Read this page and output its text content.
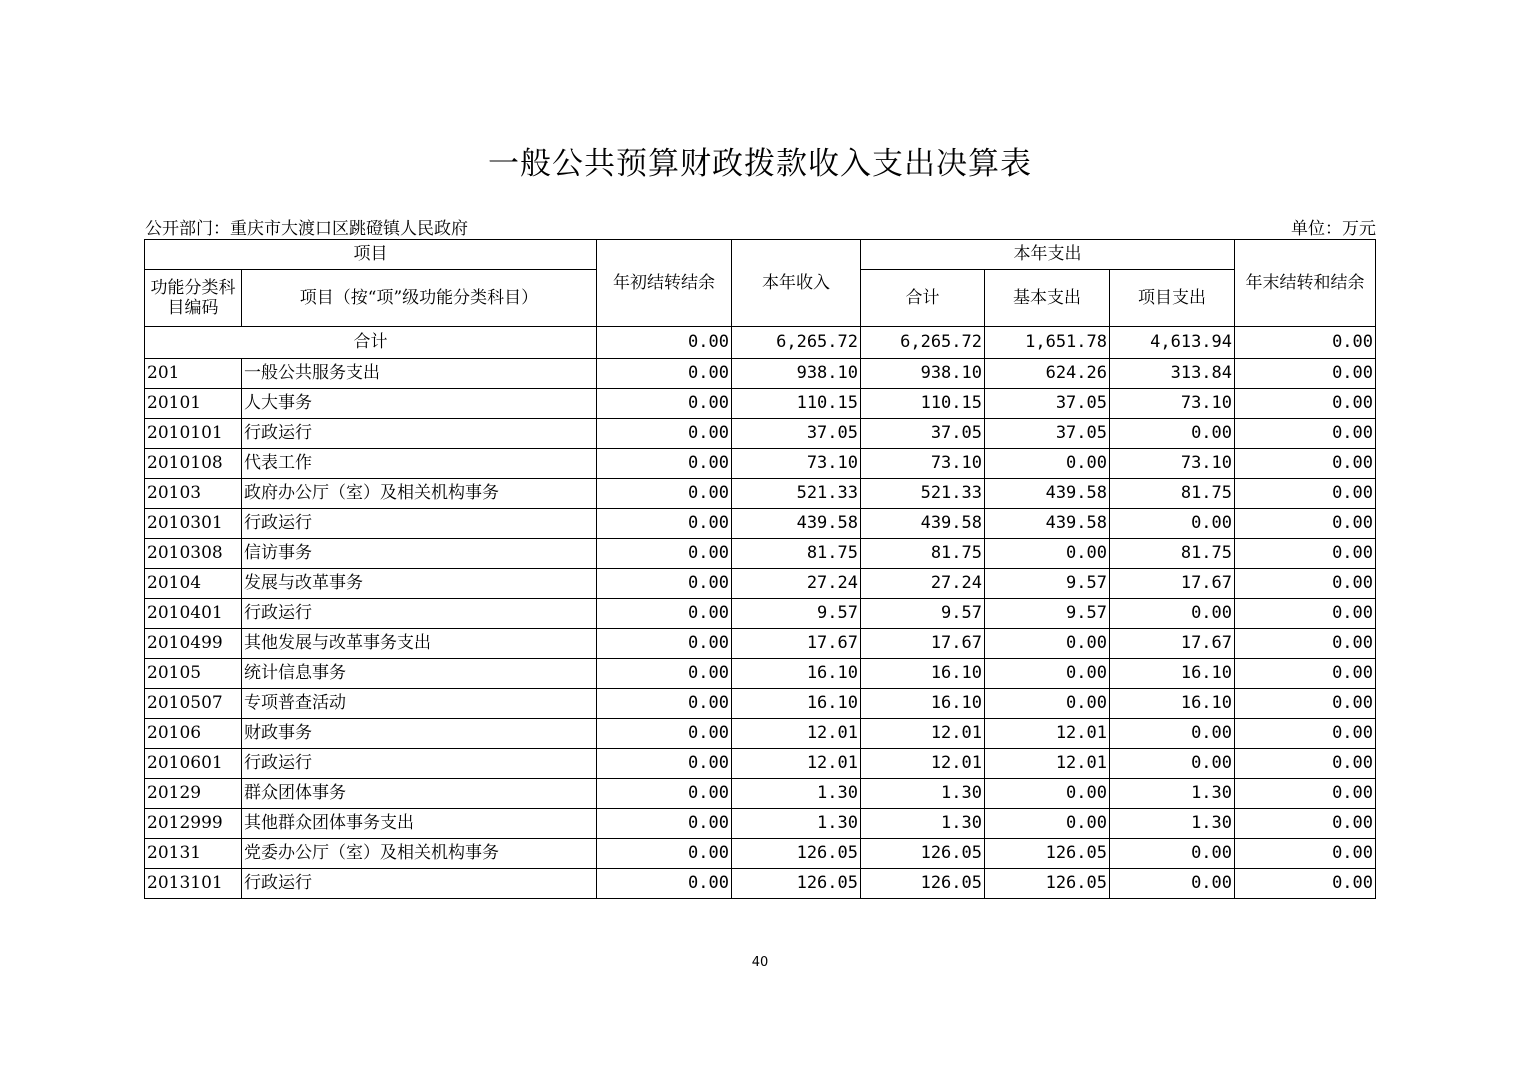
一般公共预算财政拨款收入支出决算表
公开部门：重庆市大渡口区跳磴镇人民政府	单位：万元
项目		年初结转结余	本年收入	本年支出			年末结转和结余
功能分类科目编码	项目（按“项”级功能分类科目）			合计	基本支出	项目支出	
合计		0.00	6,265.72	6,265.72	1,651.78	4,613.94	0.00
201	一般公共服务支出	0.00	938.10	938.10	624.26	313.84	0.00
20101	人大事务	0.00	110.15	110.15	37.05	73.10	0.00
2010101	行政运行	0.00	37.05	37.05	37.05	0.00	0.00
2010108	代表工作	0.00	73.10	73.10	0.00	73.10	0.00
20103	政府办公厅（室）及相关机构事务	0.00	521.33	521.33	439.58	81.75	0.00
2010301	行政运行	0.00	439.58	439.58	439.58	0.00	0.00
2010308	信访事务	0.00	81.75	81.75	0.00	81.75	0.00
20104	发展与改革事务	0.00	27.24	27.24	9.57	17.67	0.00
2010401	行政运行	0.00	9.57	9.57	9.57	0.00	0.00
2010499	其他发展与改革事务支出	0.00	17.67	17.67	0.00	17.67	0.00
20105	统计信息事务	0.00	16.10	16.10	0.00	16.10	0.00
2010507	专项普查活动	0.00	16.10	16.10	0.00	16.10	0.00
20106	财政事务	0.00	12.01	12.01	12.01	0.00	0.00
2010601	行政运行	0.00	12.01	12.01	12.01	0.00	0.00
20129	群众团体事务	0.00	1.30	1.30	0.00	1.30	0.00
2012999	其他群众团体事务支出	0.00	1.30	1.30	0.00	1.30	0.00
20131	党委办公厅（室）及相关机构事务	0.00	126.05	126.05	126.05	0.00	0.00
2013101	行政运行	0.00	126.05	126.05	126.05	0.00	0.00
40
